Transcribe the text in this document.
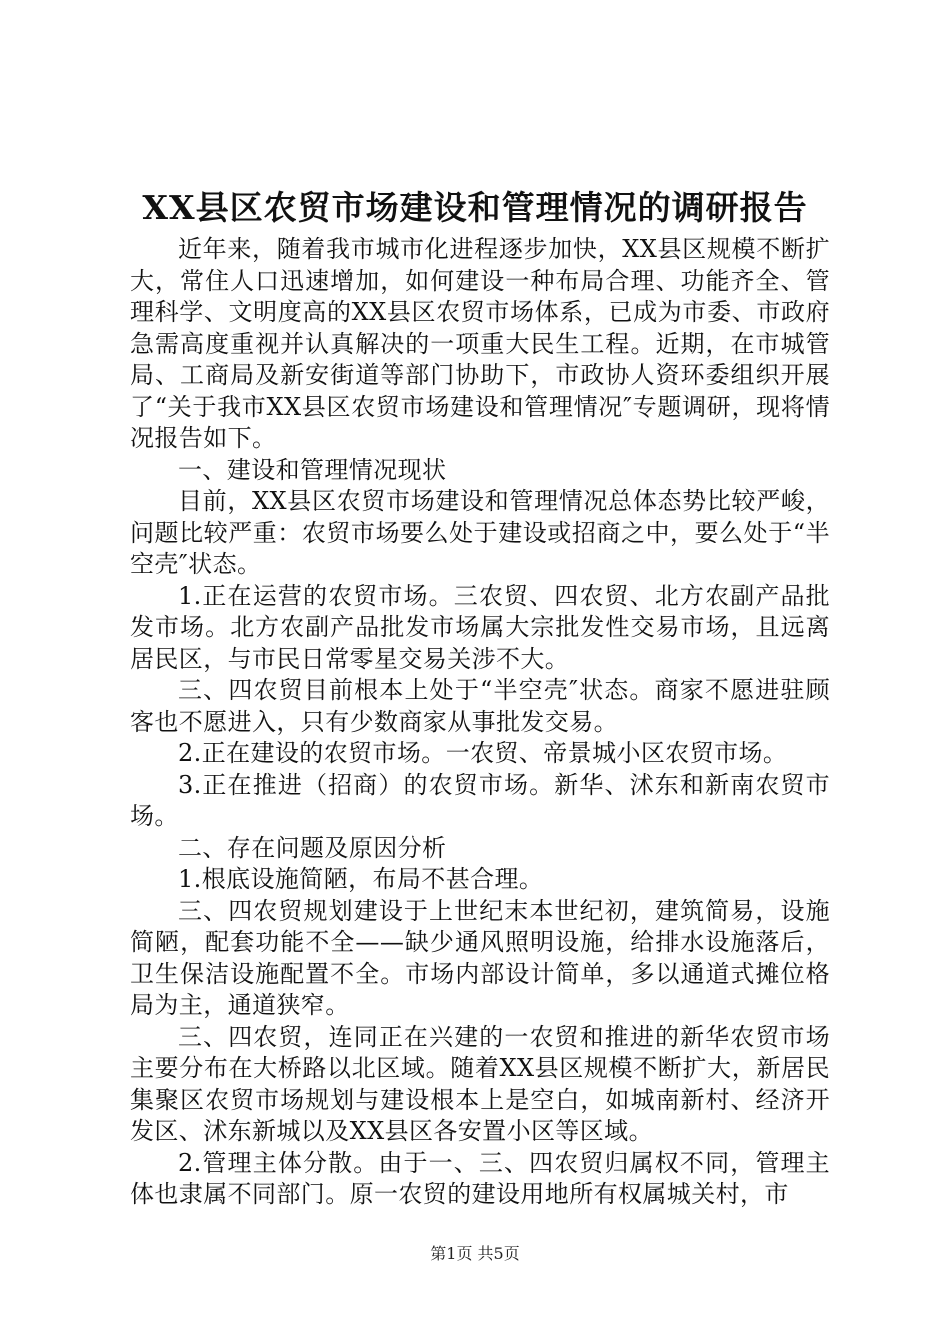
XX县区农贸市场建设和管理情况的调研报告

近年来，随着我市城市化进程逐步加快，XX县区规模不断扩大，常住人口迅速增加，如何建设一种布局合理、功能齐全、管理科学、文明度高的XX县区农贸市场体系，已成为市委、市政府急需高度重视并认真解决的一项重大民生工程。近期，在市城管局、工商局及新安街道等部门协助下，市政协人资环委组织开展了“关于我市XX县区农贸市场建设和管理情况″专题调研，现将情况报告如下。

一、建设和管理情况现状

目前，XX县区农贸市场建设和管理情况总体态势比较严峻，问题比较严重：农贸市场要么处于建设或招商之中，要么处于“半空壳″状态。

1.正在运营的农贸市场。三农贸、四农贸、北方农副产品批发市场。北方农副产品批发市场属大宗批发性交易市场，且远离居民区，与市民日常零星交易关涉不大。

三、四农贸目前根本上处于“半空壳″状态。商家不愿进驻顾客也不愿进入，只有少数商家从事批发交易。

2.正在建设的农贸市场。一农贸、帝景城小区农贸市场。

3.正在推进（招商）的农贸市场。新华、沭东和新南农贸市场。

二、存在问题及原因分析

1.根底设施简陋，布局不甚合理。

三、四农贸规划建设于上世纪末本世纪初，建筑简易，设施简陋，配套功能不全——缺少通风照明设施，给排水设施落后，卫生保洁设施配置不全。市场内部设计简单，多以通道式摊位格局为主，通道狭窄。

三、四农贸，连同正在兴建的一农贸和推进的新华农贸市场主要分布在大桥路以北区域。随着XX县区规模不断扩大，新居民集聚区农贸市场规划与建设根本上是空白，如城南新村、经济开发区、沭东新城以及XX县区各安置小区等区域。

2.管理主体分散。由于一、三、四农贸归属权不同，管理主体也隶属不同部门。原一农贸的建设用地所有权属城关村，市

第1页 共5页
